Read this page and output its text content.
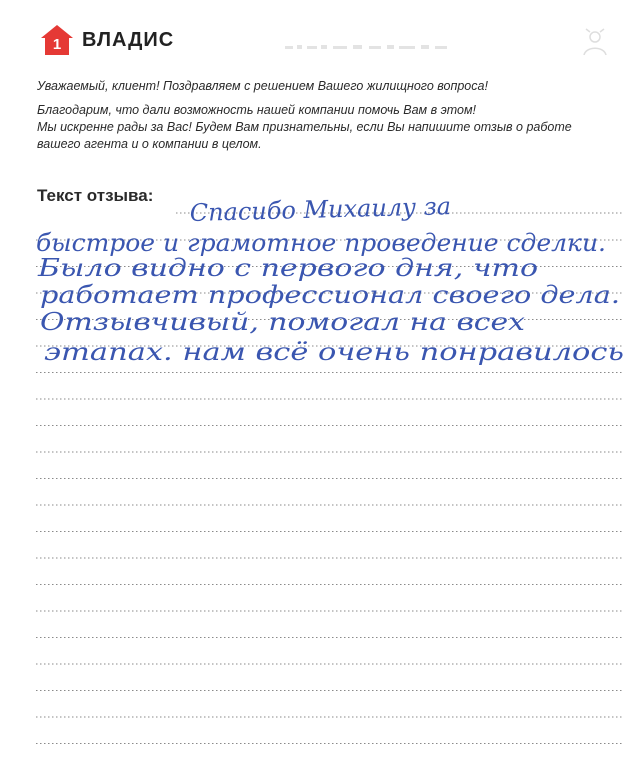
1 ВЛАДИС

Уважаемый, клиент! Поздравляем с решением Вашего жилищного вопроса!

Благодарим, что дали возможность нашей компании помочь Вам в этом!

Мы искренне рады за Вас! Будем Вам признательны, если Вы напишите отзыв о работе

вашего агента и о компании в целом.

Текст отзыва: Спасибо Михаилу за
быстрое и грамотное проведение сделки.
Было видно с первого дня, что
работает профессионал своего дела.
Отзывчивый, помогал на всех
этапах. нам всё очень понравилось
